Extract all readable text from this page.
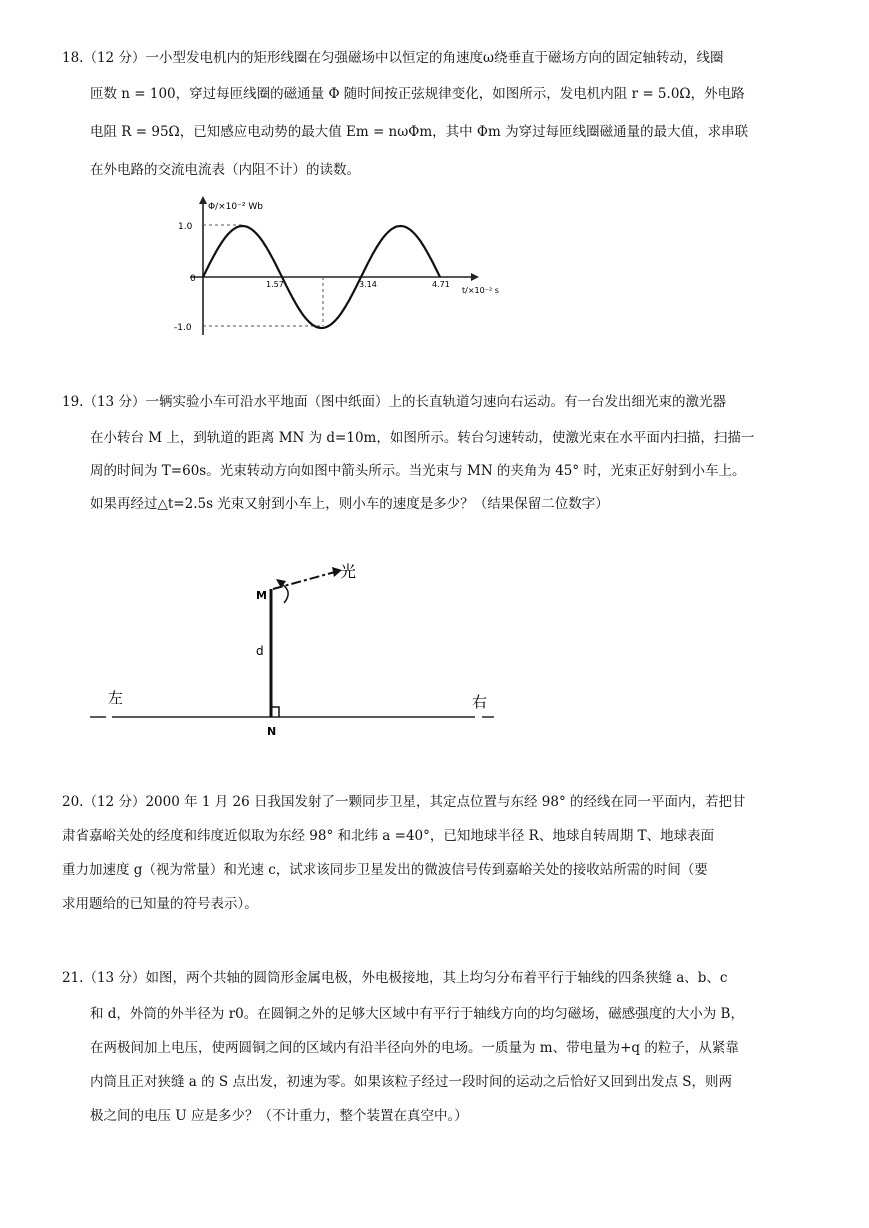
18.（12 分）一小型发电机内的矩形线圈在匀强磁场中以恒定的角速度ω绕垂直于磁场方向的固定轴转动，线圈
匝数 n = 100，穿过每匝线圈的磁通量 Φ 随时间按正弦规律变化，如图所示，发电机内阻 r = 5.0Ω，外电路
电阻 R = 95Ω，已知感应电动势的最大值 Em = nωΦm，其中 Φm 为穿过每匝线圈磁通量的最大值，求串联
在外电路的交流电流表（内阻不计）的读数。
Φ/×10⁻² Wb
1.0
0
-1.0
1.57	3.14	4.71
t/×10⁻² s
19.（13 分）一辆实验小车可沿水平地面（图中纸面）上的长直轨道匀速向右运动。有一台发出细光束的激光器
在小转台 M 上，到轨道的距离 MN 为 d=10m，如图所示。转台匀速转动，使激光束在水平面内扫描，扫描一
周的时间为 T=60s。光束转动方向如图中箭头所示。当光束与 MN 的夹角为 45° 时，光束正好射到小车上。
如果再经过△t=2.5s 光束又射到小车上，则小车的速度是多少？（结果保留二位数字）
左	右
M
N
d
光
20.（12 分）2000 年 1 月 26 日我国发射了一颗同步卫星，其定点位置与东经 98° 的经线在同一平面内，若把甘
肃省嘉峪关处的经度和纬度近似取为东经 98° 和北纬 a =40°，已知地球半径 R、地球自转周期 T、地球表面
重力加速度 g（视为常量）和光速 c，试求该同步卫星发出的微波信号传到嘉峪关处的接收站所需的时间（要
求用题给的已知量的符号表示）。
21.（13 分）如图，两个共轴的圆筒形金属电极，外电极接地，其上均匀分布着平行于轴线的四条狭缝 a、b、c
和 d，外筒的外半径为 r0。在圆铜之外的足够大区域中有平行于轴线方向的均匀磁场，磁感强度的大小为 B，
在两极间加上电压，使两圆铜之间的区域内有沿半径向外的电场。一质量为 m、带电量为+q 的粒子，从紧靠
内筒且正对狭缝 a 的 S 点出发，初速为零。如果该粒子经过一段时间的运动之后恰好又回到出发点 S，则两
极之间的电压 U 应是多少？（不计重力，整个装置在真空中。）
